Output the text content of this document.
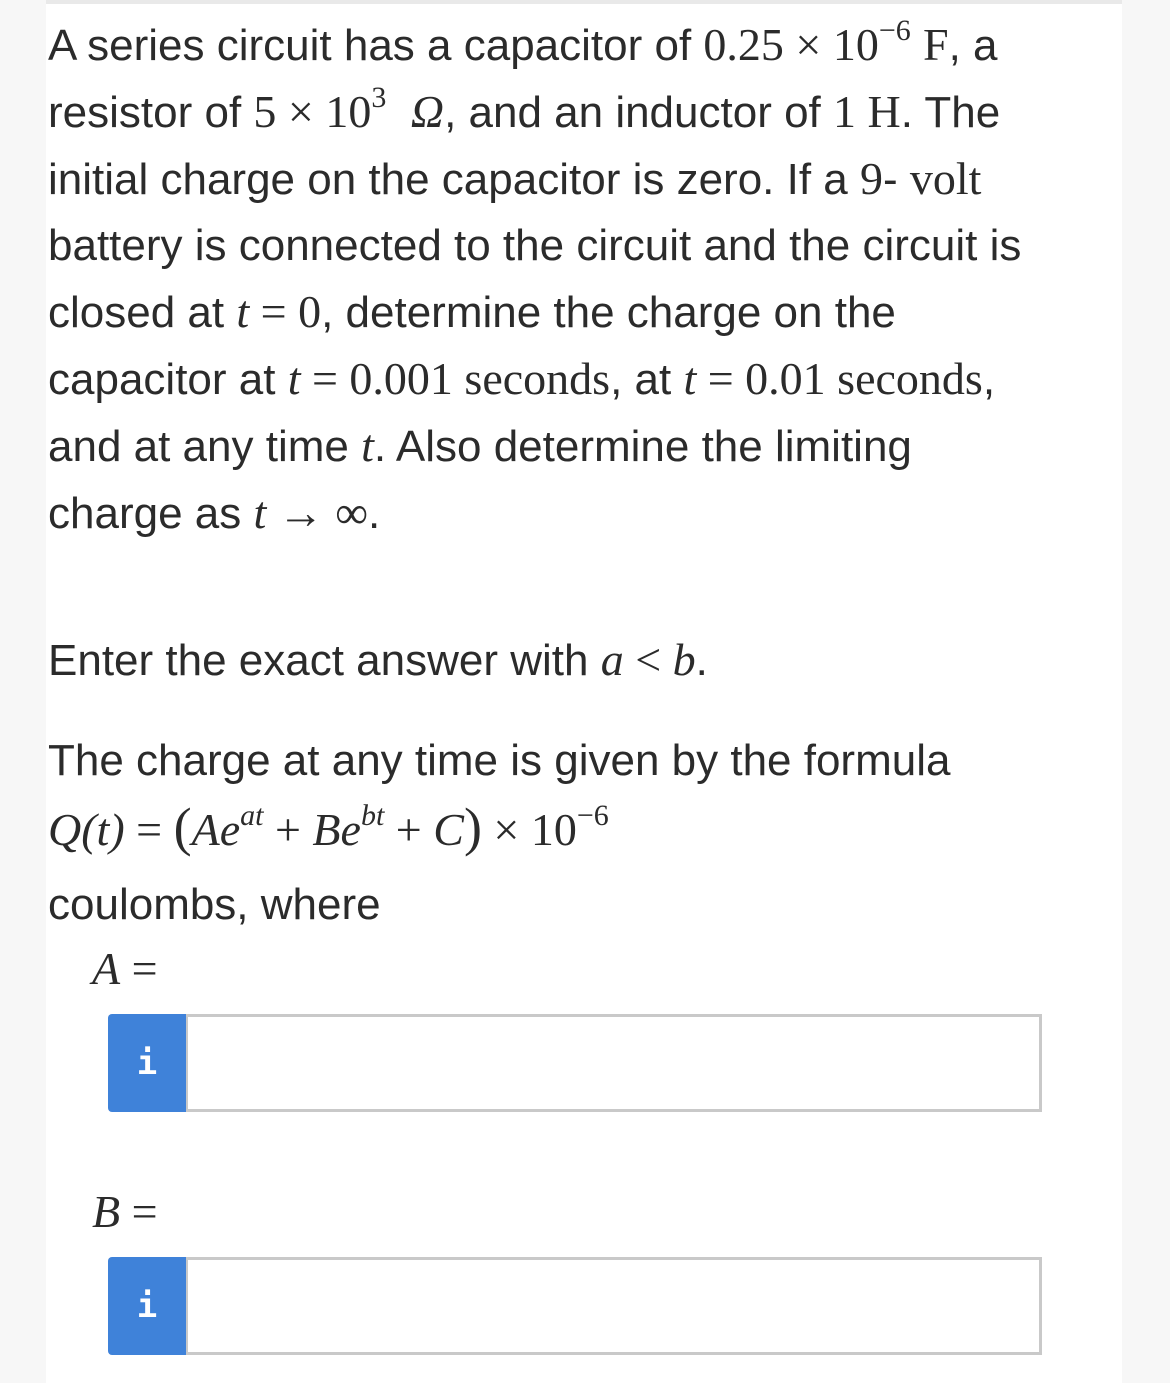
A series circuit has a capacitor of $0.25 \times 10^{-6}$ F, a resistor of $5 \times 10^3$ Ω, and an inductor of 1 H. The initial charge on the capacitor is zero. If a 9- volt battery is connected to the circuit and the circuit is closed at t = 0, determine the charge on the capacitor at t = 0.001 seconds, at t = 0.01 seconds, and at any time t. Also determine the limiting charge as t → ∞.

Enter the exact answer with a < b.

The charge at any time is given by the formula

$Q(t) = (Ae^{at} + Be^{bt} + C) \times 10^{-6}$

coulombs, where

A =
i
B =
i
